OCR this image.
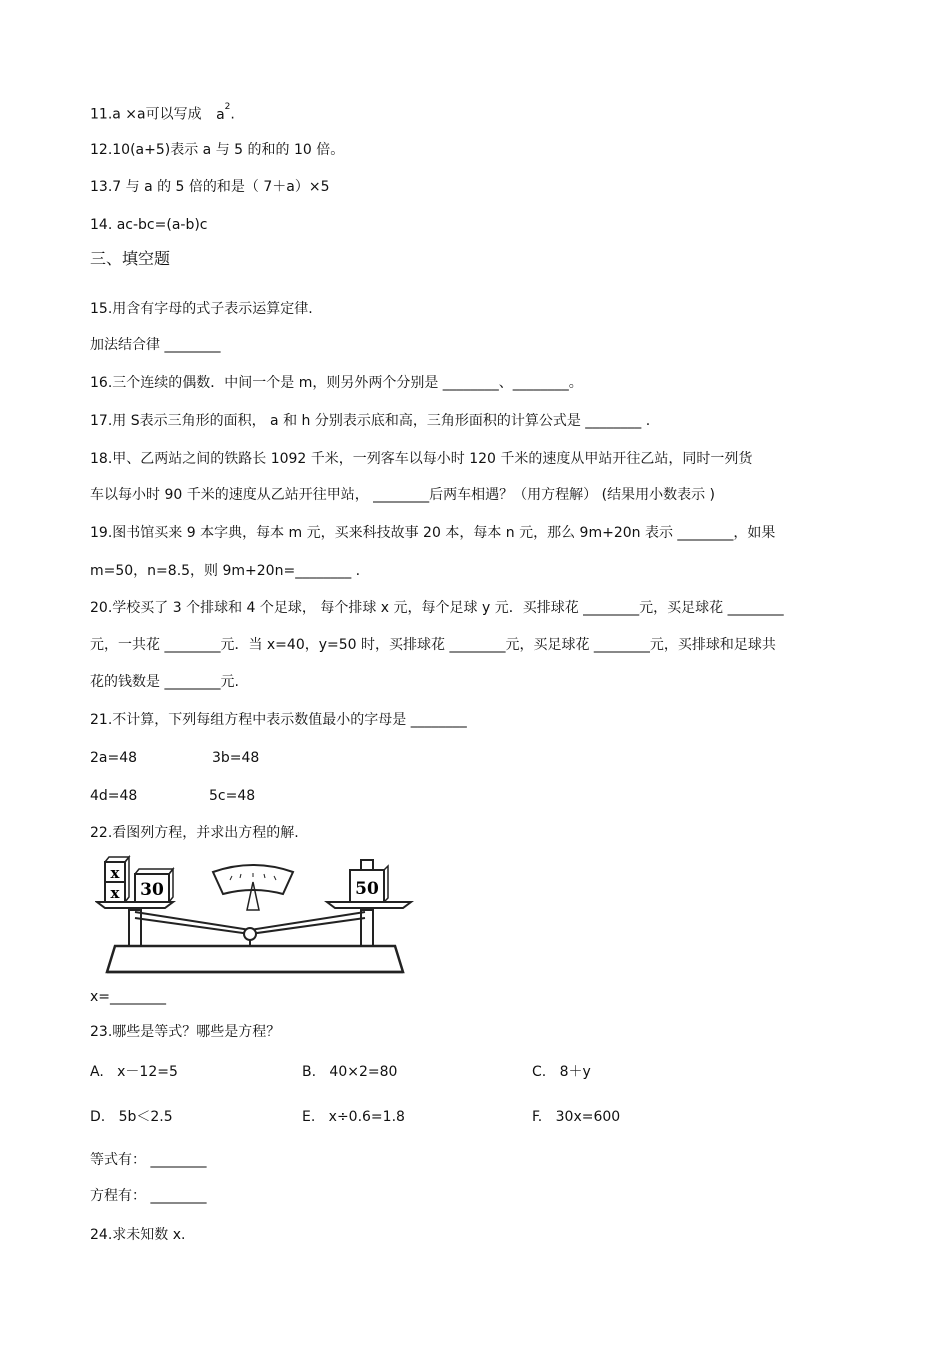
11.a ×a可以写成 $a^2$.
12.10(a+5)表示 a 与 5 的和的 10 倍。
13.7 与 a 的 5 倍的和是（ 7＋a）×5
14. ac-bc=(a-b)c
三、填空题
15.用含有字母的式子表示运算定律.
加法结合律 ________
16.三个连续的偶数．中间一个是 m，则另外两个分别是 ________、________。
17.用 S表示三角形的面积， a 和 h 分别表示底和高，三角形面积的计算公式是 ________ .
18.甲、乙两站之间的铁路长 1092 千米，一列客车以每小时 120 千米的速度从甲站开往乙站，同时一列货
车以每小时 90 千米的速度从乙站开往甲站， ________后两车相遇？（用方程解） (结果用小数表示 )
19.图书馆买来 9 本字典，每本 m 元，买来科技故事 20 本，每本 n 元，那么 9m+20n 表示 ________，如果
m=50，n=8.5，则 9m+20n=________ .
20.学校买了 3 个排球和 4 个足球， 每个排球 x 元，每个足球 y 元．买排球花 ________元，买足球花 ________
元，一共花 ________元．当 x=40，y=50 时，买排球花 ________元，买足球花 ________元，买排球和足球共
花的钱数是 ________元.
21.不计算，下列每组方程中表示数值最小的字母是 ________
2a=48	3b=48
4d=48	5c=48
22.看图列方程，并求出方程的解.
x
x 30	50
x=________
23.哪些是等式？哪些是方程？
A. x－12=5	B. 40×2=80	C. 8＋y
D. 5b＜2.5	E. x÷0.6=1.8	F. 30x=600
等式有： ________
方程有： ________
24.求未知数 x.
